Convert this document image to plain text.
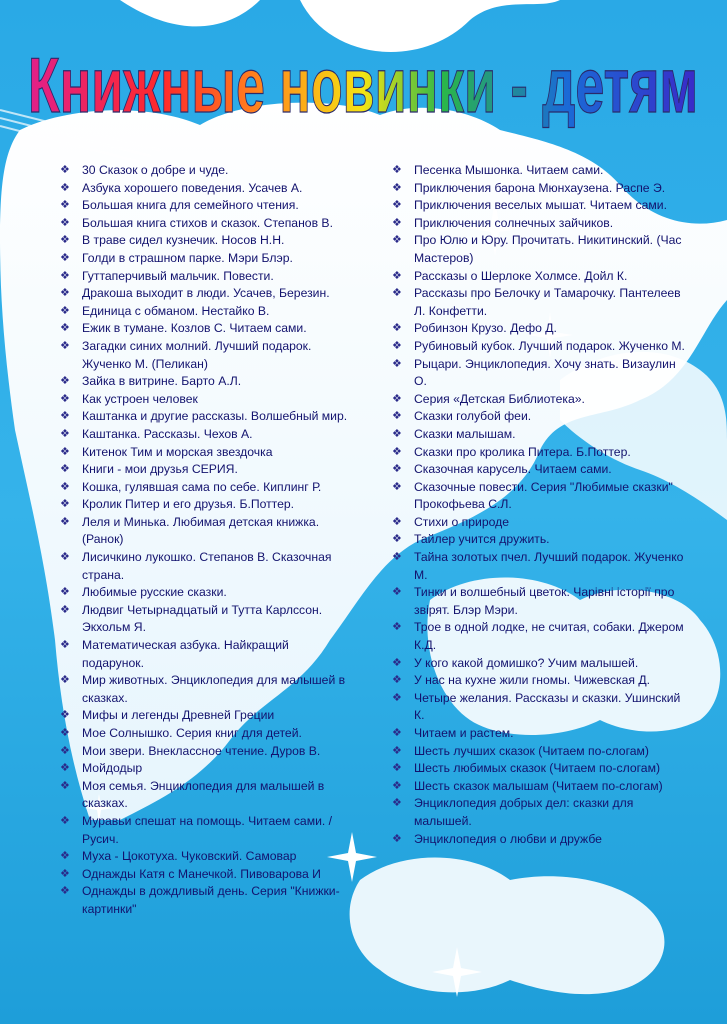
Книжные новинки - детям
❖ 30 Сказок о добре и чуде.
❖ Азбука хорошего поведения. Усачев А.
❖ Большая книга для семейного чтения.
❖ Большая книга стихов и сказок. Степанов В.
❖ В траве сидел кузнечик. Носов Н.Н.
❖ Голди в страшном парке. Мэри Блэр.
❖ Гуттаперчивый мальчик. Повести.
❖ Дракоша выходит в люди. Усачев, Березин.
❖ Единица с обманом. Нестайко В.
❖ Ежик в тумане. Козлов С. Читаем сами.
❖ Загадки синих молний. Лучший подарок. Жученко М. (Пеликан)
❖ Зайка в витрине. Барто А.Л.
❖ Как устроен человек
❖ Каштанка и другие рассказы. Волшебный мир.
❖ Каштанка. Рассказы. Чехов А.
❖ Китенок Тим и морская звездочка
❖ Книги - мои друзья СЕРИЯ.
❖ Кошка, гулявшая сама по себе. Киплинг Р.
❖ Кролик Питер и его друзья. Б.Поттер.
❖ Леля и Минька. Любимая детская книжка. (Ранок)
❖ Лисичкино лукошко. Степанов В. Сказочная страна.
❖ Любимые русские сказки.
❖ Людвиг Четырнадцатый и Тутта Карлссон. Экхольм Я.
❖ Математическая азбука. Найкращий подарунок.
❖ Мир животных. Энциклопедия для малышей в сказках.
❖ Мифы и легенды Древней Греции
❖ Мое Солнышко. Серия книг для детей.
❖ Мои звери. Внеклассное чтение. Дуров В.
❖ Мойдодыр
❖ Моя семья. Энциклопедия для малышей в сказках.
❖ Муравьи спешат на помощь. Читаем сами. /Русич.
❖ Муха - Цокотуха. Чуковский. Самовар
❖ Однажды Катя с Манечкой. Пивоварова И
❖ Однажды в дождливый день. Серия "Книжки-картинки"
❖ Песенка Мышонка. Читаем сами.
❖ Приключения барона Мюнхаузена. Распе Э.
❖ Приключения веселых мышат. Читаем сами.
❖ Приключения солнечных зайчиков.
❖ Про Юлю и Юру. Прочитать. Никитинский. (Час Мастеров)
❖ Рассказы о Шерлоке Холмсе. Дойл К.
❖ Рассказы про Белочку и Тамарочку. Пантелеев Л. Конфетти.
❖ Робинзон Крузо. Дефо Д.
❖ Рубиновый кубок. Лучший подарок. Жученко М.
❖ Рыцари. Энциклопедия. Хочу знать. Визаулин О.
❖ Серия «Детская Библиотека».
❖ Сказки голубой феи.
❖ Сказки малышам.
❖ Сказки про кролика Питера. Б.Поттер.
❖ Сказочная карусель. Читаем сами.
❖ Сказочные повести. Серия "Любимые сказки" Прокофьева С.Л.
❖ Стихи о природе
❖ Тайлер учится дружить.
❖ Тайна золотых пчел. Лучший подарок. Жученко М.
❖ Тинки и волшебный цветок. Чарівні історії про звірят. Блэр Мэри.
❖ Трое в одной лодке, не считая, собаки. Джером К.Д.
❖ У кого какой домишко? Учим малышей.
❖ У нас на кухне жили гномы. Чижевская Д.
❖ Четыре желания. Рассказы и сказки. Ушинский К.
❖ Читаем и растем.
❖ Шесть лучших сказок (Читаем по-слогам)
❖ Шесть любимых сказок (Читаем по-слогам)
❖ Шесть сказок малышам (Читаем по-слогам)
❖ Энциклопедия добрых дел: сказки для малышей.
❖ Энциклопедия о любви и дружбе
